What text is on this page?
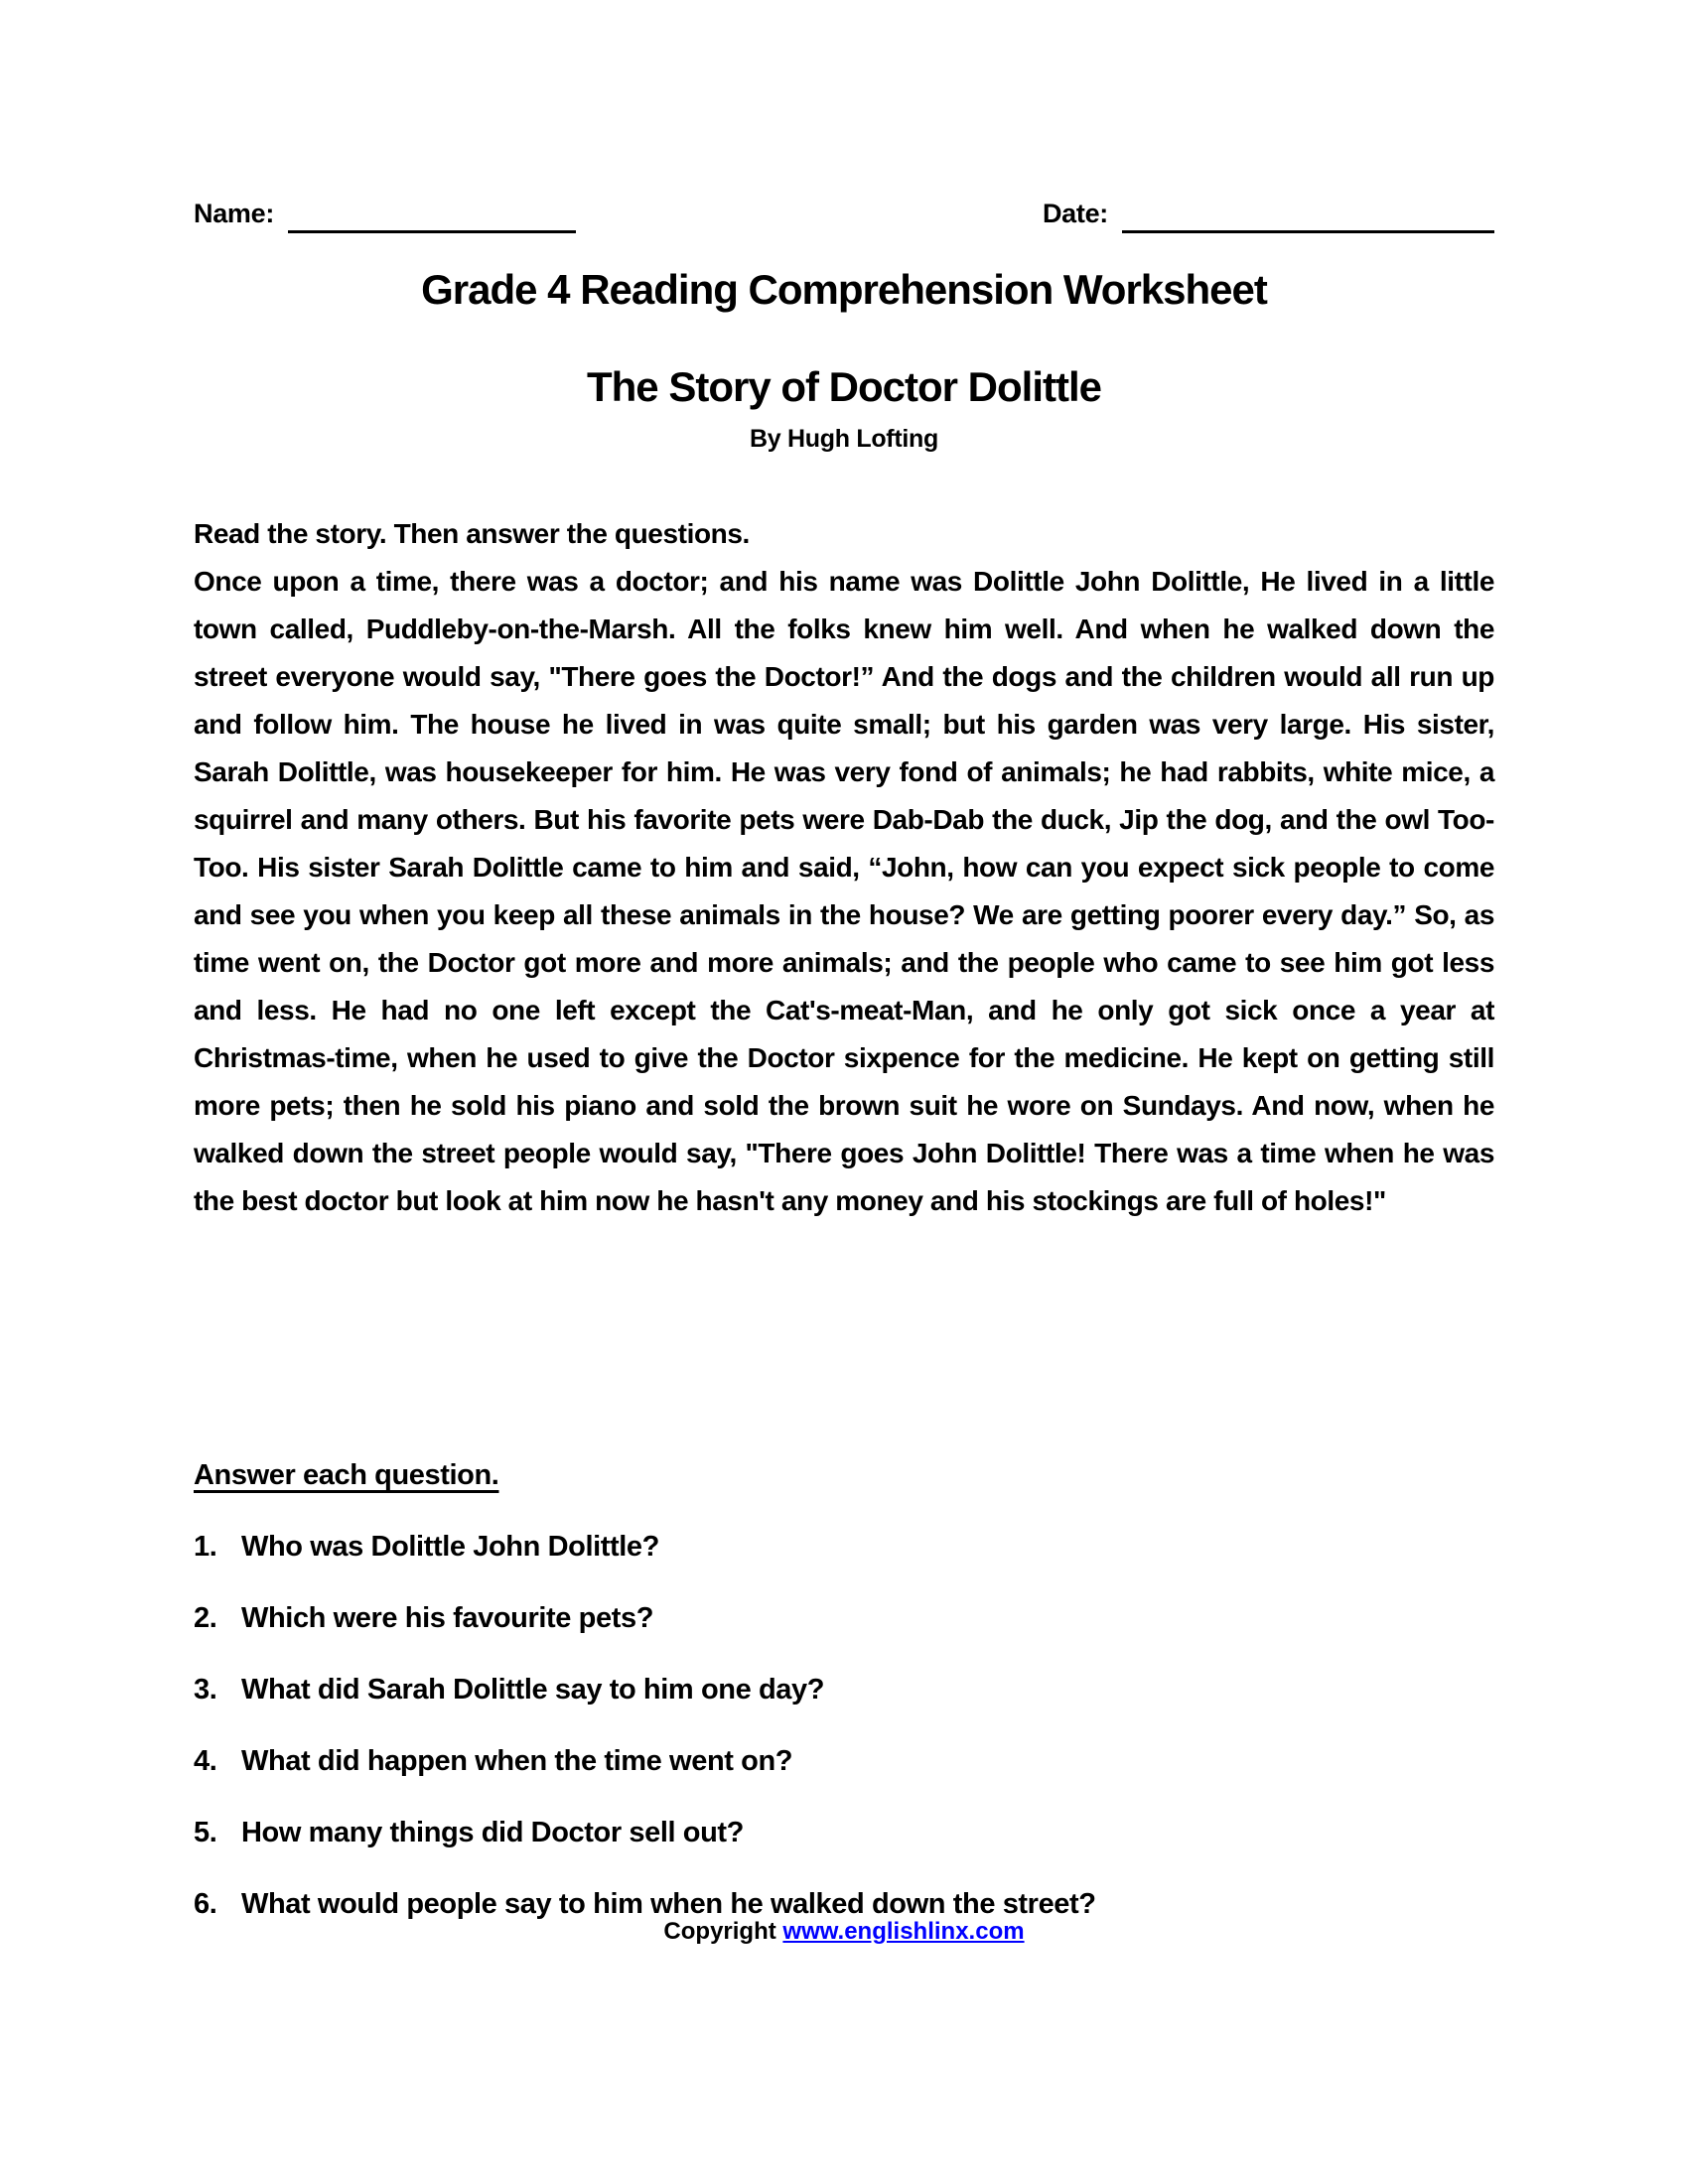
Name:	Date:
Grade 4 Reading Comprehension Worksheet
The Story of Doctor Dolittle
By Hugh Lofting

Read the story. Then answer the questions.

Once upon a time, there was a doctor; and his name was Dolittle John Dolittle, He lived in a little town called, Puddleby-on-the-Marsh. All the folks knew him well. And when he walked down the street everyone would say, "There goes the Doctor!” And the dogs and the children would all run up and follow him. The house he lived in was quite small; but his garden was very large. His sister, Sarah Dolittle, was housekeeper for him. He was very fond of animals; he had rabbits, white mice, a squirrel and many others. But his favorite pets were Dab-Dab the duck, Jip the dog, and the owl Too-Too. His sister Sarah Dolittle came to him and said, “John, how can you expect sick people to come and see you when you keep all these animals in the house? We are getting poorer every day.” So, as time went on, the Doctor got more and more animals; and the people who came to see him got less and less. He had no one left except the Cat's-meat-Man, and he only got sick once a year at Christmas-time, when he used to give the Doctor sixpence for the medicine. He kept on getting still more pets; then he sold his piano and sold the brown suit he wore on Sundays. And now, when he walked down the street people would say, "There goes John Dolittle! There was a time when he was the best doctor but look at him now he hasn't any money and his stockings are full of holes!"

Answer each question.
1. Who was Dolittle John Dolittle?
2. Which were his favourite pets?
3. What did Sarah Dolittle say to him one day?
4. What did happen when the time went on?
5. How many things did Doctor sell out?
6. What would people say to him when he walked down the street?
Copyright www.englishlinx.com
